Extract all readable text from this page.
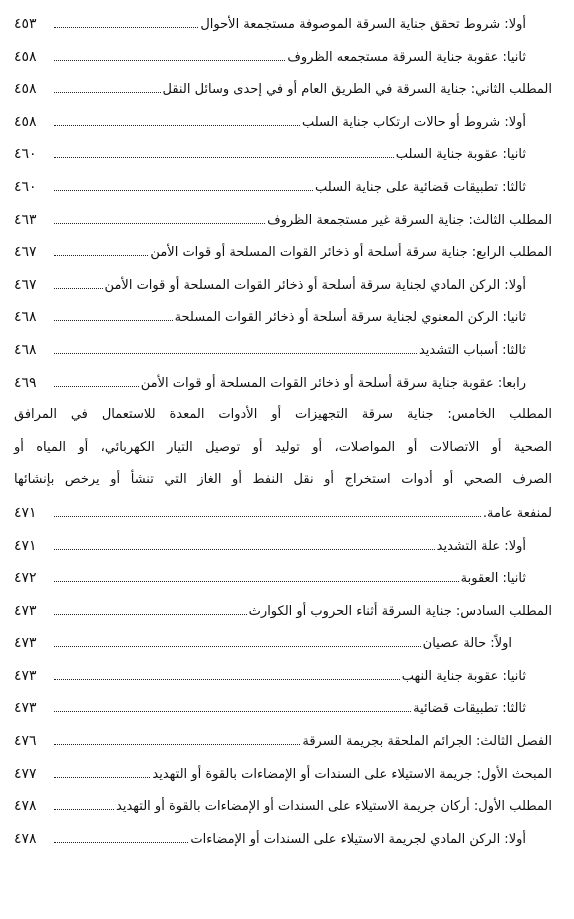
أولا: شروط تحقق جناية السرقة الموصوفة مستجمعة الأحوال
٤٥٣
ثانيا: عقوبة جناية السرقة مستجمعه الظروف
٤٥٨
المطلب الثاني: جناية السرقة في الطريق العام أو في إحدى وسائل النقل
٤٥٨
أولا: شروط أو حالات ارتكاب جناية السلب
٤٥٨
ثانيا: عقوبة جناية السلب
٤٦٠
ثالثا: تطبيقات قضائية على جناية السلب
٤٦٠
المطلب الثالث: جناية السرقة غير مستجمعة الظروف
٤٦٣
المطلب الرابع: جناية سرقة أسلحة أو ذخائر القوات المسلحة أو قوات الأمن
٤٦٧
أولا: الركن المادي لجناية سرقة أسلحة أو ذخائر القوات المسلحة أو قوات الأمن
٤٦٧
ثانيا: الركن المعنوي لجناية سرقة أسلحة أو ذخائر القوات المسلحة
٤٦٨
ثالثا: أسباب التشديد
٤٦٨
رابعا: عقوبة جناية سرقة أسلحة أو ذخائر القوات المسلحة أو قوات الأمن
٤٦٩
المطلب الخامس: جناية سرقة التجهيزات أو الأدوات المعدة للاستعمال في المرافق
الصحية أو الاتصالات أو المواصلات، أو توليد أو توصيل التيار الكهربائي، أو المياه أو
الصرف الصحي أو أدوات استخراج أو نقل النفط أو الغاز التي تنشأ أو يرخص بإنشائها
لمنفعة عامة.
٤٧١
أولا: علة التشديد
٤٧١
ثانيا: العقوبة
٤٧٢
المطلب السادس: جناية السرقة أثناء الحروب أو الكوارث
٤٧٣
اولاً: حالة عصيان
٤٧٣
ثانيا: عقوبة جناية النهب
٤٧٣
ثالثا: تطبيقات قضائية
٤٧٣
الفصل الثالث: الجرائم الملحقة بجريمة السرقة
٤٧٦
المبحث الأول: جريمة الاستيلاء على السندات أو الإمضاءات بالقوة أو التهديد
٤٧٧
المطلب الأول: أركان جريمة الاستيلاء على السندات أو الإمضاءات بالقوة أو التهديد
٤٧٨
أولا: الركن المادي لجريمة الاستيلاء على السندات أو الإمضاءات
٤٧٨
